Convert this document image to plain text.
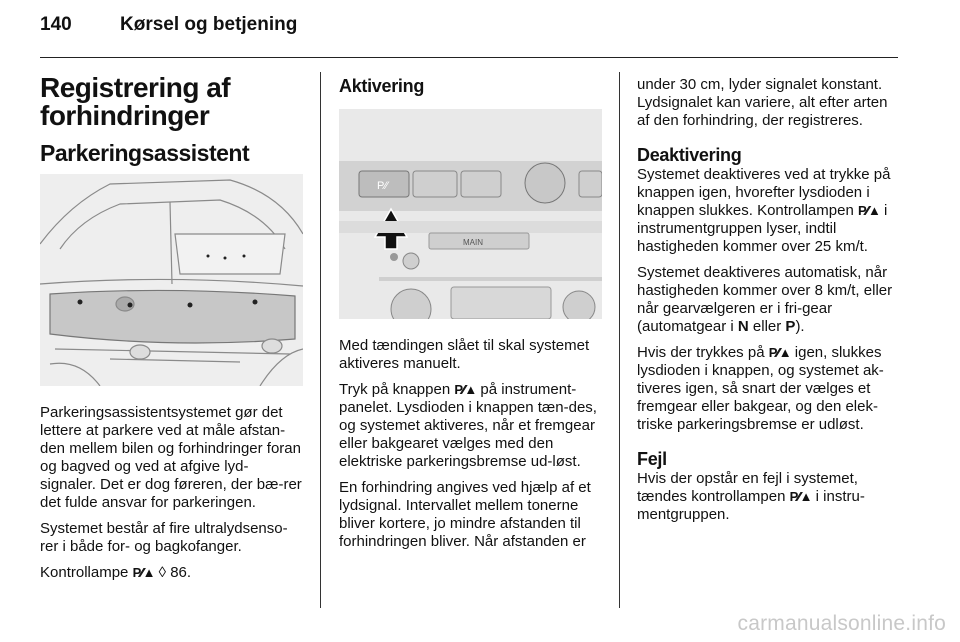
140	Kørsel og betjening
Registrering af forhindringer
Parkeringsassistent

Parkeringsassistentsystemet gør det lettere at parkere ved at måle afstan-den mellem bilen og forhindringer foran og bagved og ved at afgive lyd-signaler. Det er dog føreren, der bæ-rer det fulde ansvar for parkeringen.

Systemet består af fire ultralydsenso-rer i både for- og bagkofanger.

Kontrollampe P⁄⁄▲ ◊ 86.

Aktivering
P⁄⁄
MAIN

Med tændingen slået til skal systemet aktiveres manuelt.

Tryk på knappen P⁄⁄▲ på instrument-panelet. Lysdioden i knappen tæn-des, og systemet aktiveres, når et fremgear eller bakgearet vælges med den elektriske parkeringsbremse ud-løst.

En forhindring angives ved hjælp af et lydsignal. Intervallet mellem tonerne bliver kortere, jo mindre afstanden til forhindringen bliver. Når afstanden er

under 30 cm, lyder signalet konstant. Lydsignalet kan variere, alt efter arten af den forhindring, der registreres.

Deaktivering

Systemet deaktiveres ved at trykke på knappen igen, hvorefter lysdioden i knappen slukkes. Kontrollampen P⁄⁄▲ i instrumentgruppen lyser, indtil hastigheden kommer over 25 km/t.

Systemet deaktiveres automatisk, når hastigheden kommer over 8 km/t, eller når gearvælgeren er i fri-gear (automatgear i N eller P).

Hvis der trykkes på P⁄⁄▲ igen, slukkes lysdioden i knappen, og systemet ak-tiveres igen, så snart der vælges et fremgear eller bakgear, og den elek-triske parkeringsbremse er udløst.

Fejl

Hvis der opstår en fejl i systemet, tændes kontrollampen P⁄⁄▲ i instru-mentgruppen.

carmanualsonline.info
